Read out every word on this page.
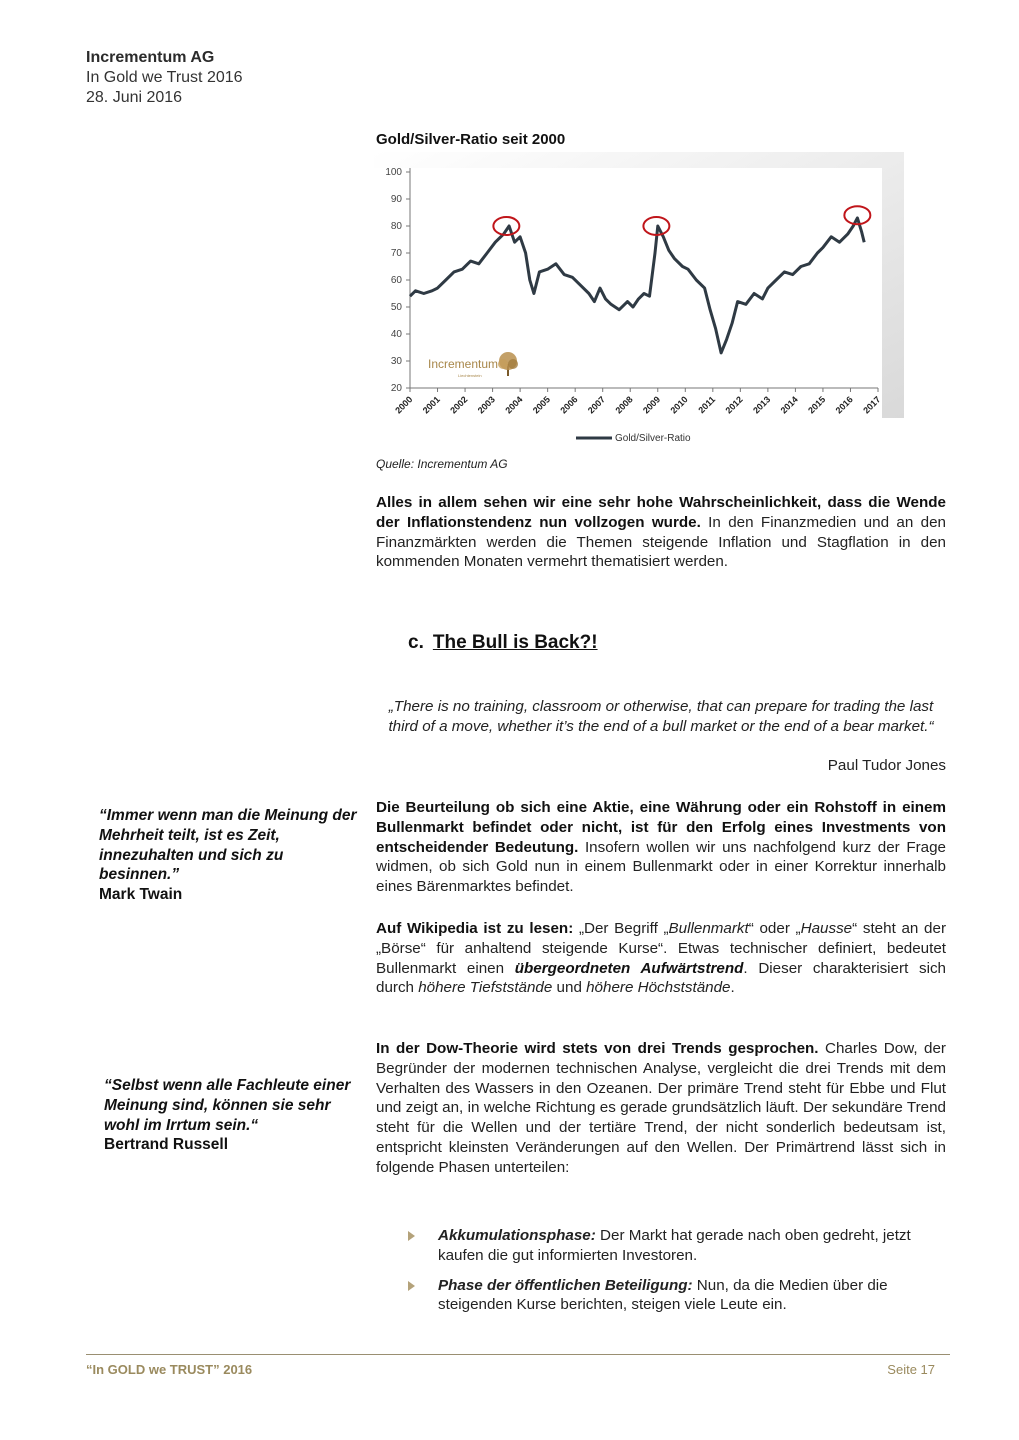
Incrementum AG
In Gold we Trust 2016
28. Juni 2016
Gold/Silver-Ratio seit 2000
20
30
40
50
60
70
80
90
100
2000 2001 2002 2003 2004 2005 2006 2007 2008 2009 2010 2011 2012 2013 2014 2015 2016 2017
Incrementum
Liechtenstein
Gold/Silver-Ratio
Quelle: Incrementum AG
Alles in allem sehen wir eine sehr hohe Wahrscheinlichkeit, dass die Wende der Inflationstendenz nun vollzogen wurde. In den Finanzmedien und an den Finanzmärkten werden die Themen steigende Inflation und Stagflation in den kommenden Monaten vermehrt thematisiert werden.
c. The Bull is Back?!
„There is no training, classroom or otherwise, that can prepare for trading the last third of a move, whether it’s the end of a bull market or the end of a bear market.“
Paul Tudor Jones
“Immer wenn man die Meinung der Mehrheit teilt, ist es Zeit, innezuhalten und sich zu besinnen.”
Mark Twain
Die Beurteilung ob sich eine Aktie, eine Währung oder ein Rohstoff in einem Bullenmarkt befindet oder nicht, ist für den Erfolg eines Investments von entscheidender Bedeutung. Insofern wollen wir uns nachfolgend kurz der Frage widmen, ob sich Gold nun in einem Bullenmarkt oder in einer Korrektur innerhalb eines Bärenmarktes befindet.
Auf Wikipedia ist zu lesen: „Der Begriff „Bullenmarkt“ oder „Hausse“ steht an der „Börse“ für anhaltend steigende Kurse“. Etwas technischer definiert, bedeutet Bullenmarkt einen übergeordneten Aufwärtstrend. Dieser charakterisiert sich durch höhere Tiefststände und höhere Höchststände.
“Selbst wenn alle Fachleute einer Meinung sind, können sie sehr wohl im Irrtum sein.“
Bertrand Russell
In der Dow-Theorie wird stets von drei Trends gesprochen. Charles Dow, der Begründer der modernen technischen Analyse, vergleicht die drei Trends mit dem Verhalten des Wassers in den Ozeanen. Der primäre Trend steht für Ebbe und Flut und zeigt an, in welche Richtung es gerade grundsätzlich läuft. Der sekundäre Trend steht für die Wellen und der tertiäre Trend, der nicht sonderlich bedeutsam ist, entspricht kleinsten Veränderungen auf den Wellen. Der Primärtrend lässt sich in folgende Phasen unterteilen:
Akkumulationsphase: Der Markt hat gerade nach oben gedreht, jetzt kaufen die gut informierten Investoren.
Phase der öffentlichen Beteiligung: Nun, da die Medien über die steigenden Kurse berichten, steigen viele Leute ein.
“In GOLD we TRUST” 2016	Seite 17
